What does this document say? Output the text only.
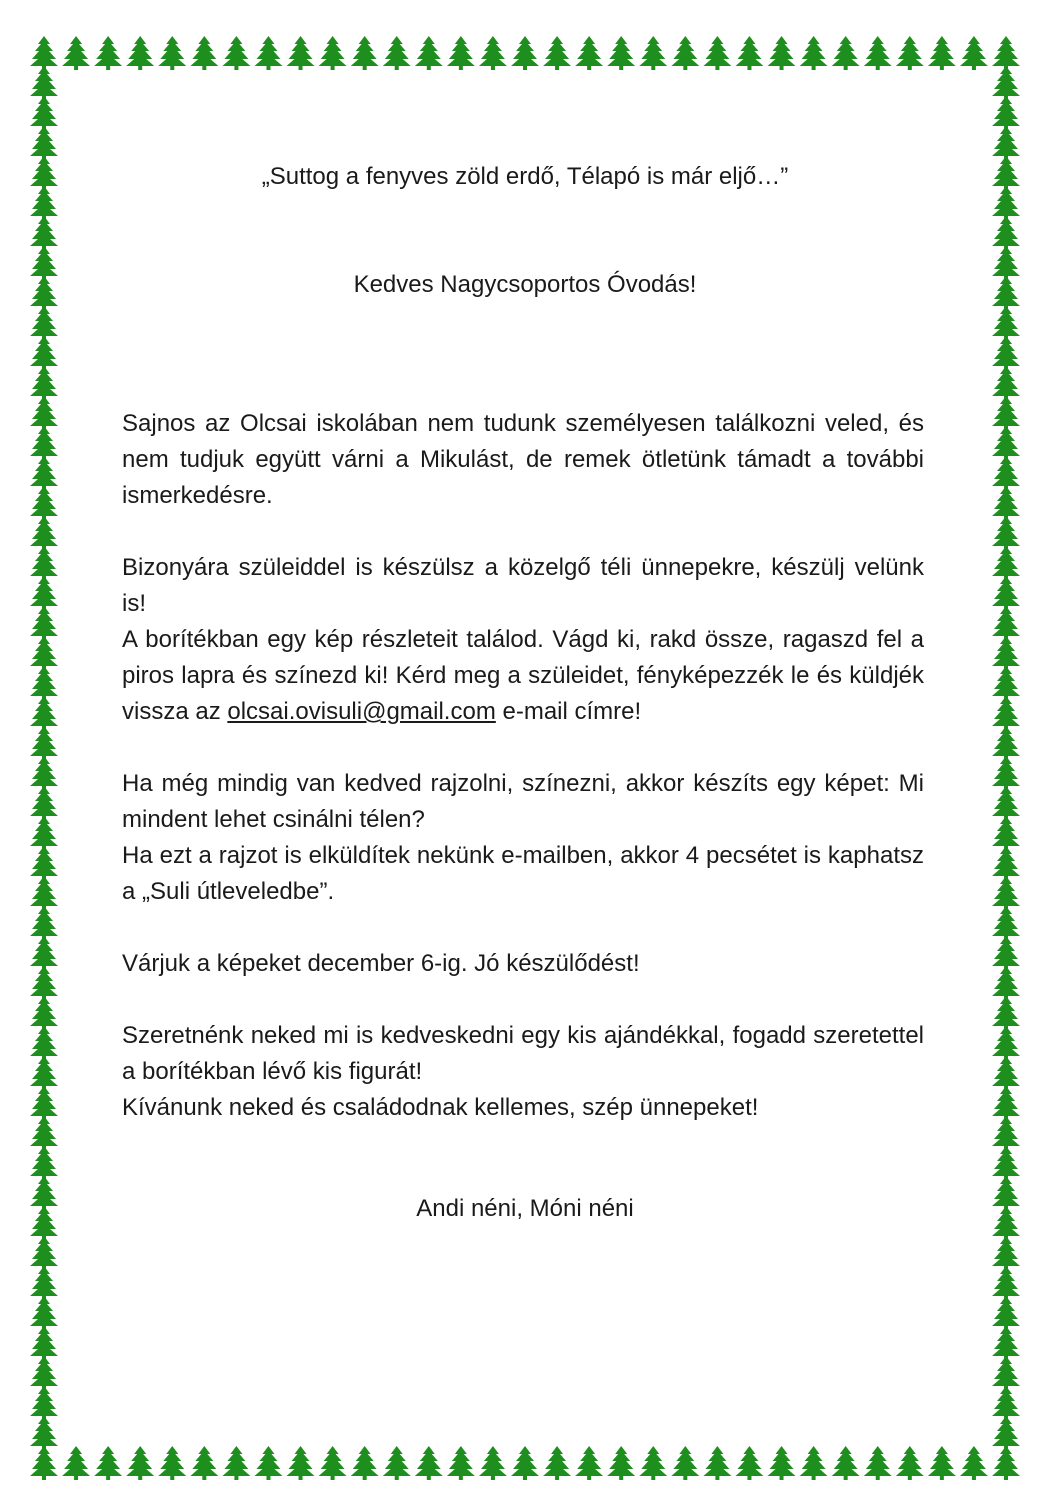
„Suttog a fenyves zöld erdő, Télapó is már eljő…”
Kedves Nagycsoportos Óvodás!

Sajnos az Olcsai iskolában nem tudunk személyesen találkozni veled, és nem tudjuk együtt várni a Mikulást, de remek ötletünk támadt a további ismerkedésre.

Bizonyára szüleiddel is készülsz a közelgő téli ünnepekre, készülj velünk is!
A borítékban egy kép részleteit találod. Vágd ki, rakd össze, ragaszd fel a piros lapra és színezd ki! Kérd meg a szüleidet, fényképezzék le és küldjék vissza az olcsai.ovisuli@gmail.com e-mail címre!

Ha még mindig van kedved rajzolni, színezni, akkor készíts egy képet: Mi mindent lehet csinálni télen?
Ha ezt a rajzot is elküldítek nekünk e-mailben, akkor 4 pecsétet is kaphatsz a „Suli útleveledbe”.

Várjuk a képeket december 6-ig. Jó készülődést!

Szeretnénk neked mi is kedveskedni egy kis ajándékkal, fogadd szeretettel a borítékban lévő kis figurát!
Kívánunk neked és családodnak kellemes, szép ünnepeket!

Andi néni, Móni néni
